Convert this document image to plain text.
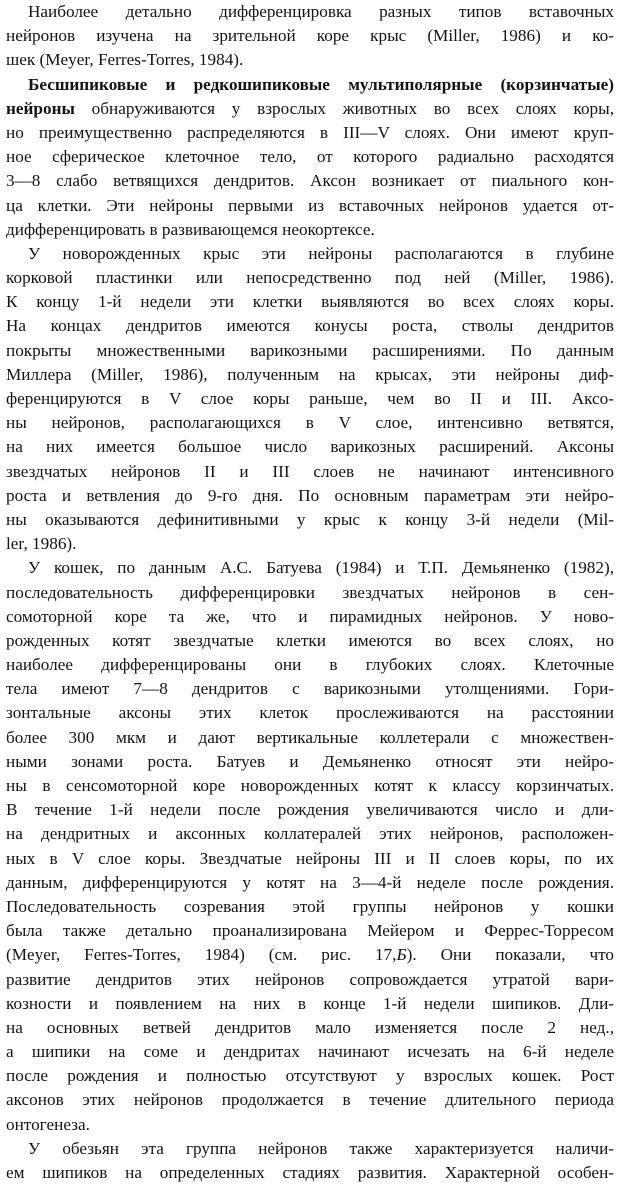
Наиболее детально дифференцировка разных типов вставочных
нейронов изучена на зрительной коре крыс (Miller, 1986) и ко-
шек (Meyer, Ferres-Torres, 1984).
Бесшипиковые и редкошипиковые мультиполярные (корзинчатые)
нейроны обнаруживаются у взрослых животных во всех слоях коры,
но преимущественно распределяются в III—V слоях. Они имеют круп-
ное сферическое клеточное тело, от которого радиально расходятся
3—8 слабо ветвящихся дендритов. Аксон возникает от пиального кон-
ца клетки. Эти нейроны первыми из вставочных нейронов удается от-
дифференцировать в развивающемся неокортексе.
У новорожденных крыс эти нейроны располагаются в глубине
корковой пластинки или непосредственно под ней (Miller, 1986).
К концу 1-й недели эти клетки выявляются во всех слоях коры.
На концах дендритов имеются конусы роста, стволы дендритов
покрыты множественными варикозными расширениями. По данным
Миллера (Miller, 1986), полученным на крысах, эти нейроны диф-
ференцируются в V слое коры раньше, чем во II и III. Аксо-
ны нейронов, располагающихся в V слое, интенсивно ветвятся,
на них имеется большое число варикозных расширений. Аксоны
звездчатых нейронов II и III слоев не начинают интенсивного
роста и ветвления до 9-го дня. По основным параметрам эти нейро-
ны оказываются дефинитивными у крыс к концу 3-й недели (Mil-
ler, 1986).
У кошек, по данным А.С. Батуева (1984) и Т.П. Демьяненко (1982),
последовательность дифференцировки звездчатых нейронов в сен-
сомоторной коре та же, что и пирамидных нейронов. У ново-
рожденных котят звездчатые клетки имеются во всех слоях, но
наиболее дифференцированы они в глубоких слоях. Клеточные
тела имеют 7—8 дендритов с варикозными утолщениями. Гори-
зонтальные аксоны этих клеток прослеживаются на расстоянии
более 300 мкм и дают вертикальные коллетерали с множествен-
ными зонами роста. Батуев и Демьяненко относят эти нейро-
ны в сенсомоторной коре новорожденных котят к классу корзинчатых.
В течение 1-й недели после рождения увеличиваются число и дли-
на дендритных и аксонных коллатералей этих нейронов, расположен-
ных в V слое коры. Звездчатые нейроны III и II слоев коры, по их
данным, дифференцируются у котят на 3—4-й неделе после рождения.
Последовательность созревания этой группы нейронов у кошки
была также детально проанализирована Мейером и Феррес-Торресом
(Meyer, Ferres-Torres, 1984) (см. рис. 17,Б). Они показали, что
развитие дендритов этих нейронов сопровождается утратой вари-
козности и появлением на них в конце 1-й недели шипиков. Дли-
на основных ветвей дендритов мало изменяется после 2 нед.,
а шипики на соме и дендритах начинают исчезать на 6-й неделе
после рождения и полностью отсутствуют у взрослых кошек. Рост
аксонов этих нейронов продолжается в течение длительного периода
онтогенеза.
У обезьян эта группа нейронов также характеризуется наличи-
ем шипиков на определенных стадиях развития. Характерной особен-
